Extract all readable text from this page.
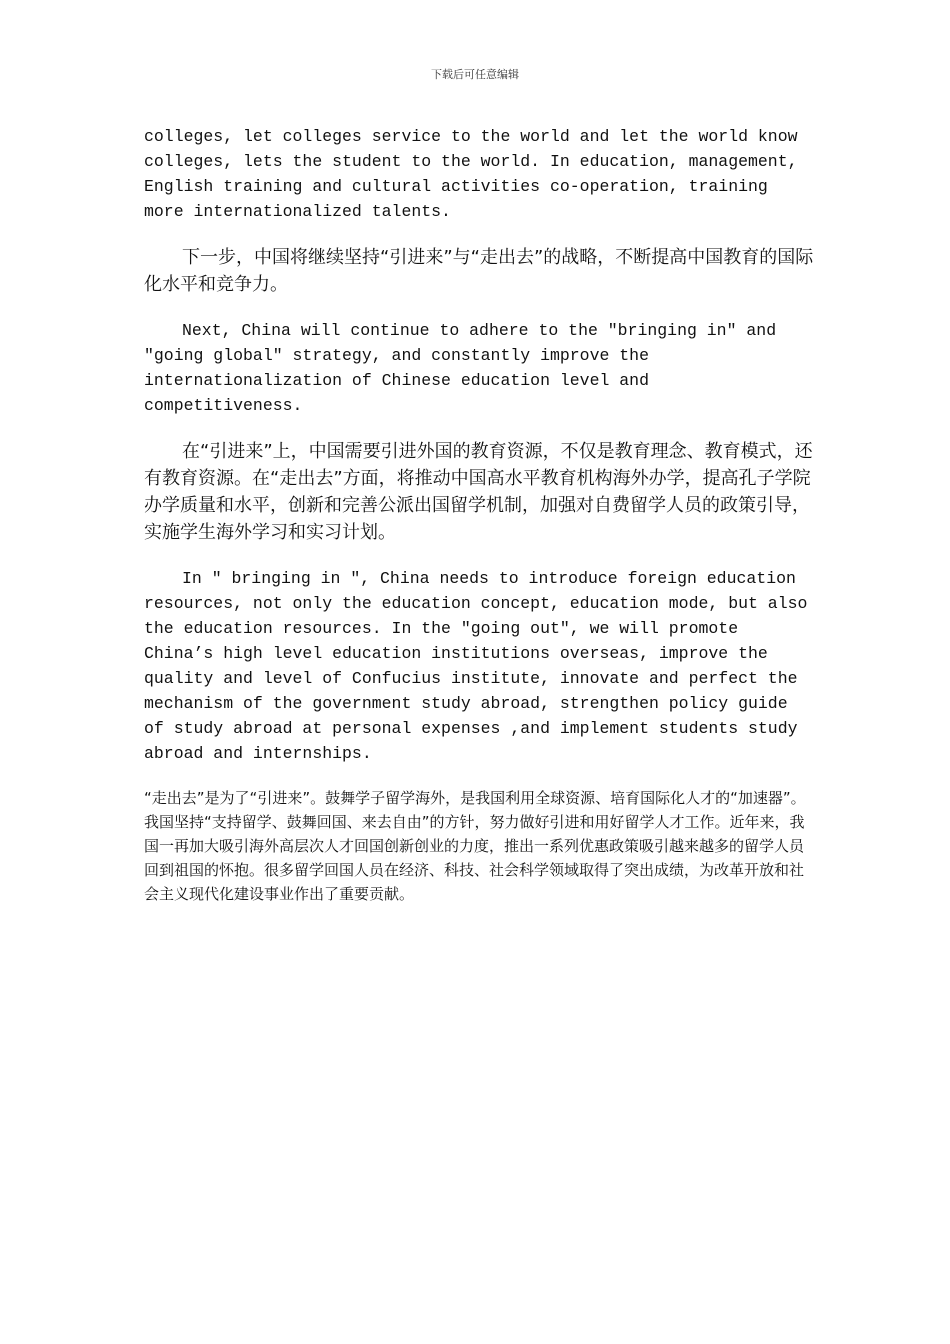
下载后可任意编辑

colleges, let colleges service to the world and let the world know colleges, lets the student to the world. In education, management, English training and cultural activities co-operation, training more internationalized talents.

下一步，中国将继续坚持“引进来”与“走出去”的战略，不断提高中国教育的国际化水平和竞争力。

Next, China will continue to adhere to the "bringing in" and "going global" strategy, and constantly improve the internationalization of Chinese education level and competitiveness.

在“引进来”上，中国需要引进外国的教育资源，不仅是教育理念、教育模式，还有教育资源。在“走出去”方面，将推动中国高水平教育机构海外办学，提高孔子学院办学质量和水平，创新和完善公派出国留学机制，加强对自费留学人员的政策引导，实施学生海外学习和实习计划。

In " bringing in ", China needs to introduce foreign education resources, not only the education concept, education mode, but also the education resources. In the "going out", we will promote China’s high level education institutions overseas, improve the quality and level of Confucius institute, innovate and perfect the mechanism of the government study abroad, strengthen policy guide of study abroad at personal expenses ,and implement students study abroad and internships.

“走出去”是为了“引进来”。鼓舞学子留学海外，是我国利用全球资源、培育国际化人才的“加速器”。我国坚持“支持留学、鼓舞回国、来去自由”的方针，努力做好引进和用好留学人才工作。近年来，我国一再加大吸引海外高层次人才回国创新创业的力度，推出一系列优惠政策吸引越来越多的留学人员回到祖国的怀抱。很多留学回国人员在经济、科技、社会科学领域取得了突出成绩，为改革开放和社会主义现代化建设事业作出了重要贡献。
